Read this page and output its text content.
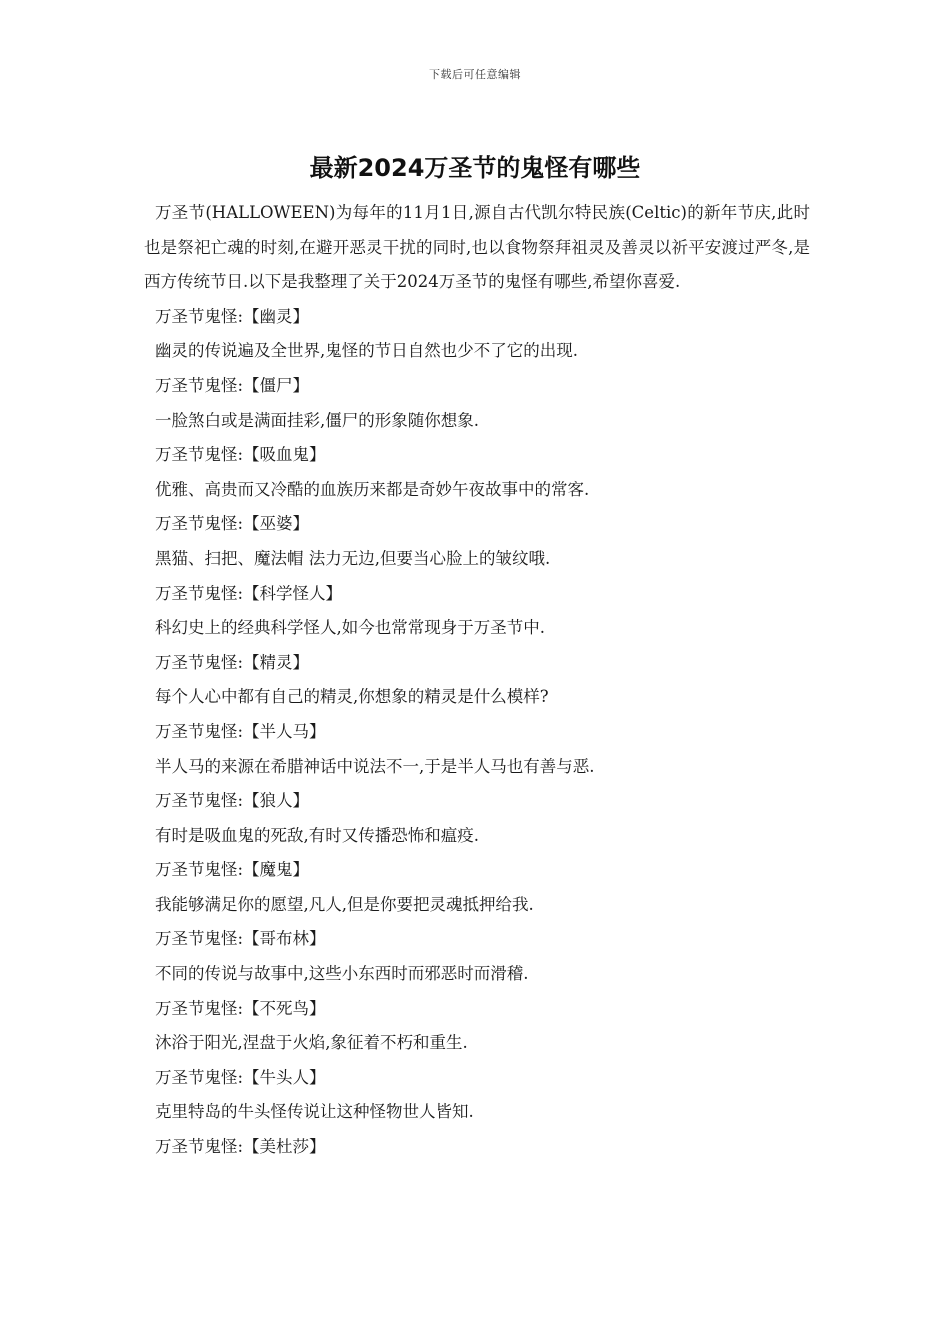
下载后可任意编辑
最新2024万圣节的鬼怪有哪些

万圣节(HALLOWEEN)为每年的11月1日,源自古代凯尔特民族(Celtic)的新年节庆,此时也是祭祀亡魂的时刻,在避开恶灵干扰的同时,也以食物祭拜祖灵及善灵以祈平安渡过严冬,是西方传统节日.以下是我整理了关于2024万圣节的鬼怪有哪些,希望你喜爱.

万圣节鬼怪:【幽灵】

幽灵的传说遍及全世界,鬼怪的节日自然也少不了它的出现.

万圣节鬼怪:【僵尸】

一脸煞白或是满面挂彩,僵尸的形象随你想象.

万圣节鬼怪:【吸血鬼】

优雅、高贵而又冷酷的血族历来都是奇妙午夜故事中的常客.

万圣节鬼怪:【巫婆】

黑猫、扫把、魔法帽 法力无边,但要当心脸上的皱纹哦.

万圣节鬼怪:【科学怪人】

科幻史上的经典科学怪人,如今也常常现身于万圣节中.

万圣节鬼怪:【精灵】

每个人心中都有自己的精灵,你想象的精灵是什么模样?

万圣节鬼怪:【半人马】

半人马的来源在希腊神话中说法不一,于是半人马也有善与恶.

万圣节鬼怪:【狼人】

有时是吸血鬼的死敌,有时又传播恐怖和瘟疫.

万圣节鬼怪:【魔鬼】

我能够满足你的愿望,凡人,但是你要把灵魂抵押给我.

万圣节鬼怪:【哥布林】

不同的传说与故事中,这些小东西时而邪恶时而滑稽.

万圣节鬼怪:【不死鸟】

沐浴于阳光,涅盘于火焰,象征着不朽和重生.

万圣节鬼怪:【牛头人】

克里特岛的牛头怪传说让这种怪物世人皆知.

万圣节鬼怪:【美杜莎】
